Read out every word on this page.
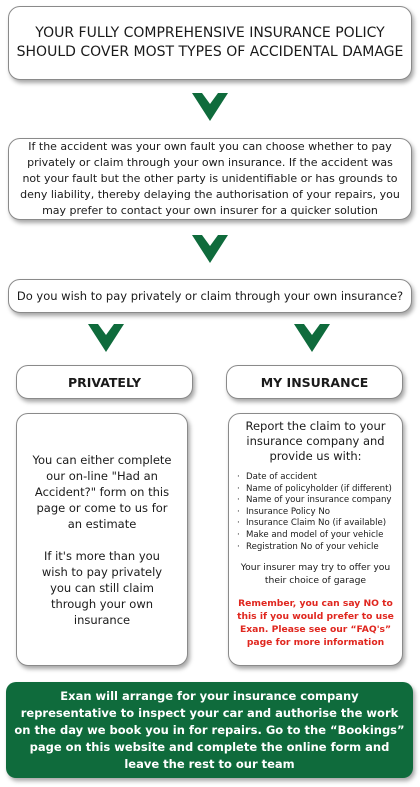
YOUR FULLY COMPREHENSIVE INSURANCE POLICY
SHOULD COVER MOST TYPES OF ACCIDENTAL DAMAGE
If the accident was your own fault you can choose whether to pay privately or claim through your own insurance. If the accident was not your fault but the other party is unidentifiable or has grounds to deny liability, thereby delaying the authorisation of your repairs, you may prefer to contact your own insurer for a quicker solution
Do you wish to pay privately or claim through your own insurance?
PRIVATELY	MY INSURANCE

You can either complete our on-line "Had an Accident?" form on this page or come to us for an estimate

If it's more than you wish to pay privately you can still claim through your own insurance

Report the claim to your insurance company and provide us with:
· Date of accident
· Name of policyholder (if different)
· Name of your insurance company
· Insurance Policy No
· Insurance Claim No (if available)
· Make and model of your vehicle
· Registration No of your vehicle
Your insurer may try to offer you their choice of garage
Remember, you can say NO to this if you would prefer to use Exan. Please see our “FAQ's” page for more information
Exan will arrange for your insurance company representative to inspect your car and authorise the work on the day we book you in for repairs. Go to the “Bookings” page on this website and complete the online form and leave the rest to our team
